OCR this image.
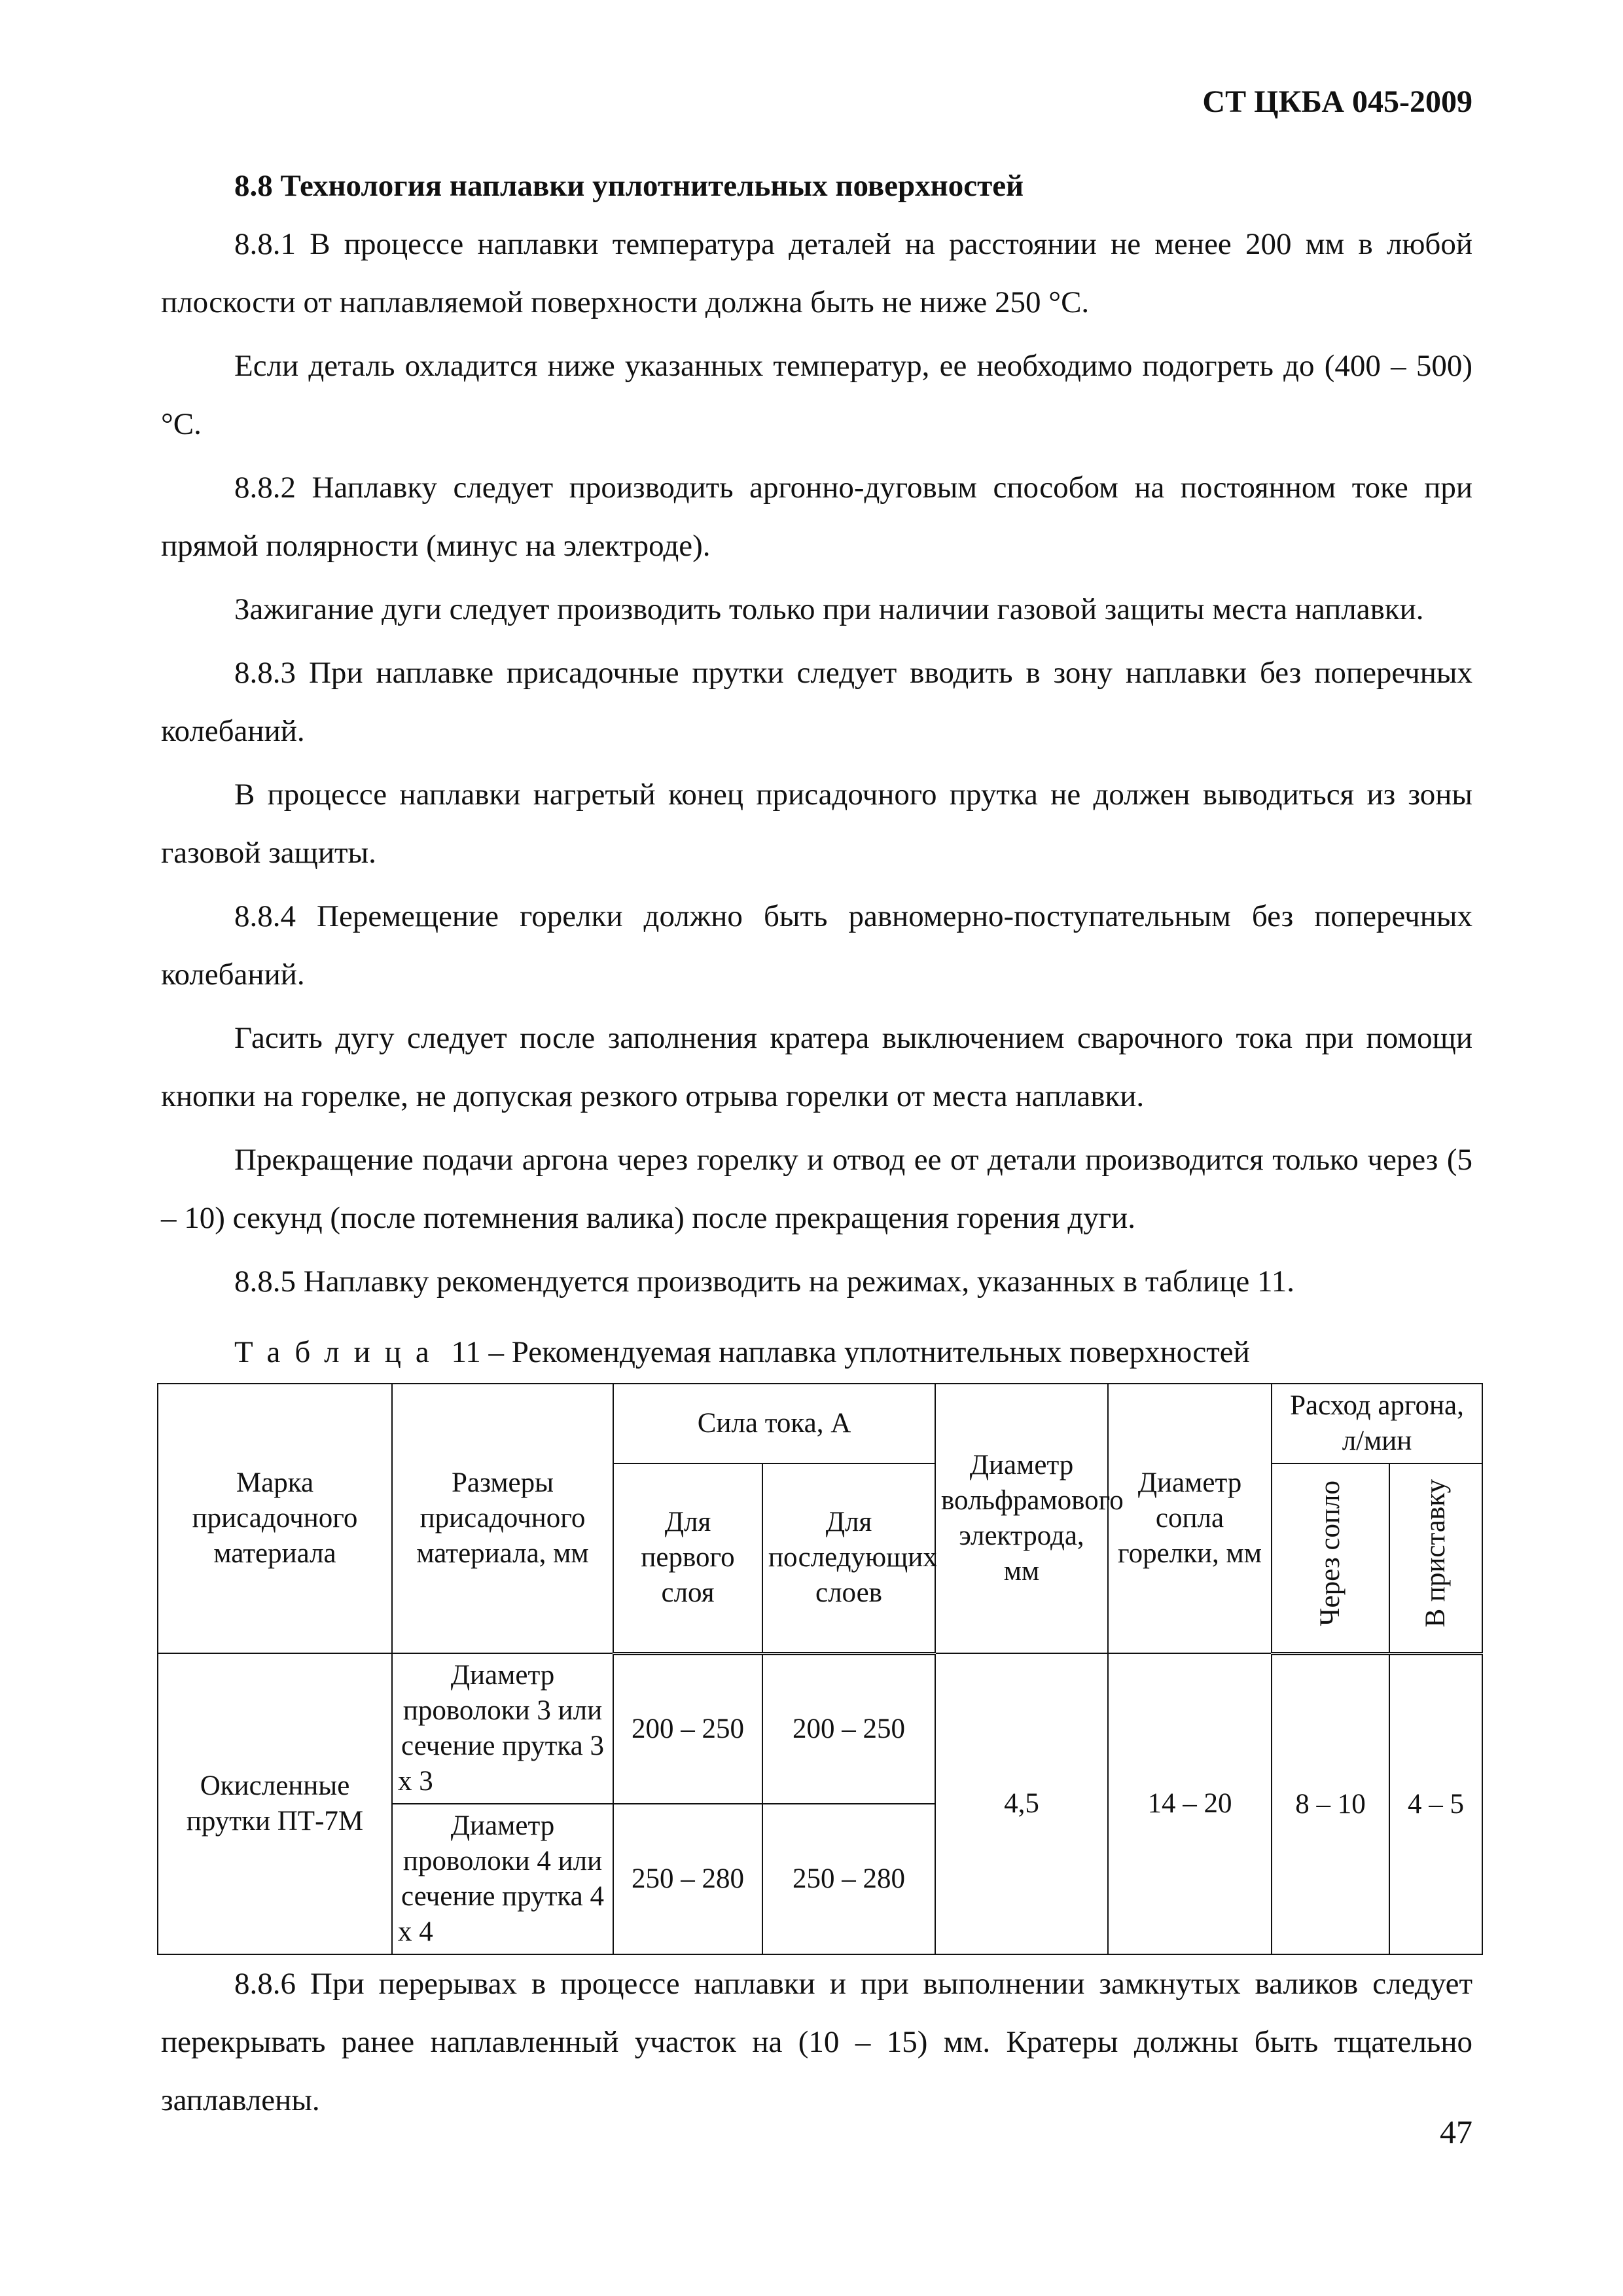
СТ ЦКБА 045-2009

8.8 Технология наплавки уплотнительных поверхностей

8.8.1 В процессе наплавки температура деталей на расстоянии не менее 200 мм в любой плоскости от наплавляемой поверхности должна быть не ниже 250 °С.

Если деталь охладится ниже указанных температур, ее необходимо подогреть до (400 – 500) °С.

8.8.2 Наплавку следует производить аргонно-дуговым способом на постоянном токе при прямой полярности (минус на электроде).

Зажигание дуги следует производить только при наличии газовой защиты места наплавки.

8.8.3 При наплавке присадочные прутки следует вводить в зону наплавки без поперечных колебаний.

В процессе наплавки нагретый конец присадочного прутка не должен выводиться из зоны газовой защиты.

8.8.4 Перемещение горелки должно быть равномерно-поступательным без поперечных колебаний.

Гасить дугу следует после заполнения кратера выключением сварочного тока при помощи кнопки на горелке, не допуская резкого отрыва горелки от места наплавки.

Прекращение подачи аргона через горелку и отвод ее от детали производится только через (5 – 10) секунд (после потемнения валика) после прекращения горения дуги.

8.8.5 Наплавку рекомендуется производить на режимах, указанных в таблице 11.

Таблица 11 – Рекомендуемая наплавка уплотнительных поверхностей
Марка присадочного материала	Размеры присадочного материала, мм	Сила тока, А		Диаметр вольфрамового электрода, мм	Диаметр сопла горелки, мм	Расход аргона, л/мин	
		Для первого слоя	Для последующих слоев			Через сопло	В приставку
Окисленные прутки ПТ-7М	Диаметр проволоки 3 или сечение прутка 3 х 3	200 – 250	200 – 250	4,5	14 – 20	8 – 10	4 – 5
	Диаметр проволоки 4 или сечение прутка 4 х 4	250 – 280	250 – 280				

8.8.6 При перерывах в процессе наплавки и при выполнении замкнутых валиков следует перекрывать ранее наплавленный участок на (10 – 15) мм. Кратеры должны быть тщательно заплавлены.

47
